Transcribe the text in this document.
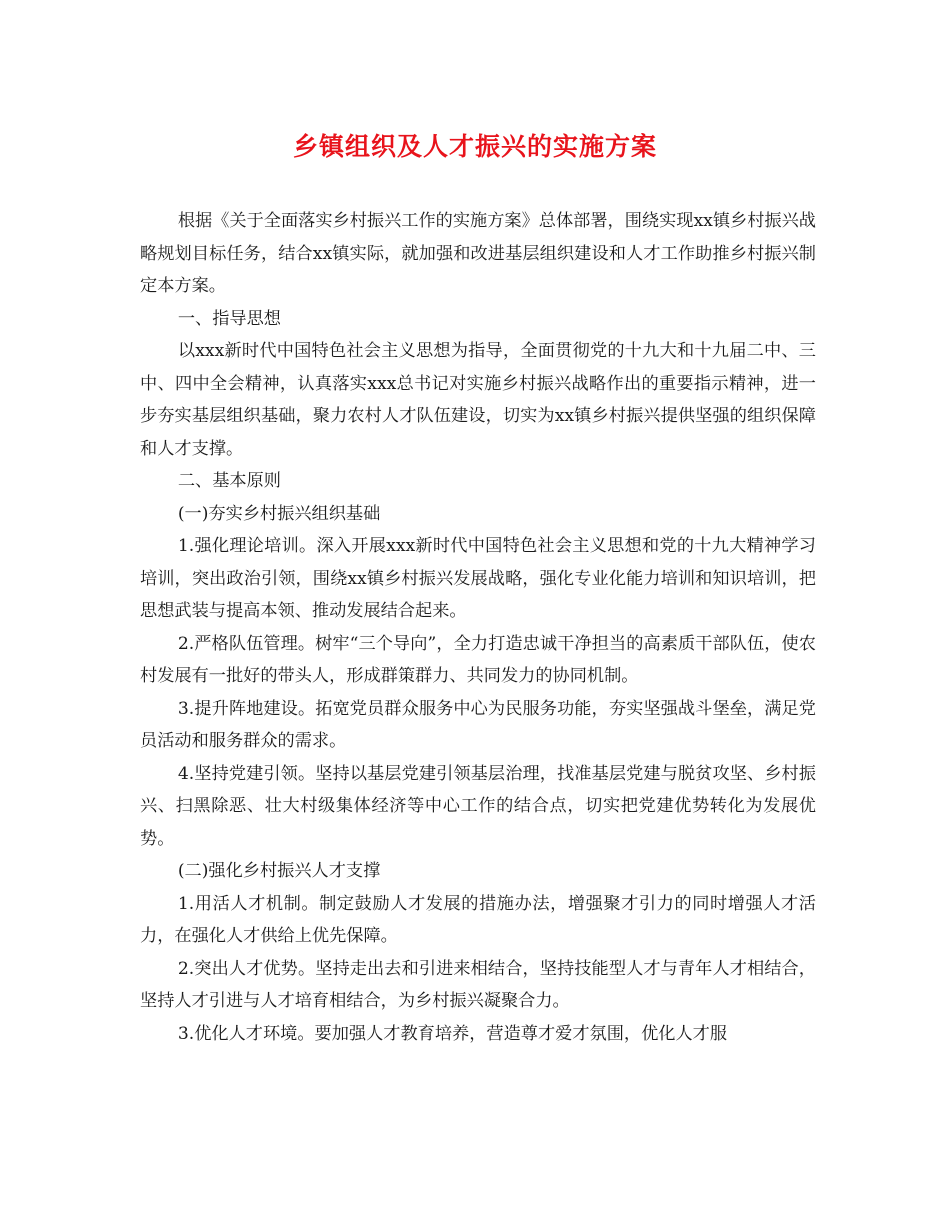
乡镇组织及人才振兴的实施方案

根据《关于全面落实乡村振兴工作的实施方案》总体部署，围绕实现xx镇乡村振兴战略规划目标任务，结合xx镇实际，就加强和改进基层组织建设和人才工作助推乡村振兴制定本方案。

一、指导思想

以xxx新时代中国特色社会主义思想为指导，全面贯彻党的十九大和十九届二中、三中、四中全会精神，认真落实xxx总书记对实施乡村振兴战略作出的重要指示精神，进一步夯实基层组织基础，聚力农村人才队伍建设，切实为xx镇乡村振兴提供坚强的组织保障和人才支撑。

二、基本原则

(一)夯实乡村振兴组织基础

1.强化理论培训。深入开展xxx新时代中国特色社会主义思想和党的十九大精神学习培训，突出政治引领，围绕xx镇乡村振兴发展战略，强化专业化能力培训和知识培训，把思想武装与提高本领、推动发展结合起来。

2.严格队伍管理。树牢“三个导向”，全力打造忠诚干净担当的高素质干部队伍，使农村发展有一批好的带头人，形成群策群力、共同发力的协同机制。

3.提升阵地建设。拓宽党员群众服务中心为民服务功能，夯实坚强战斗堡垒，满足党员活动和服务群众的需求。

4.坚持党建引领。坚持以基层党建引领基层治理，找准基层党建与脱贫攻坚、乡村振兴、扫黑除恶、壮大村级集体经济等中心工作的结合点，切实把党建优势转化为发展优势。

(二)强化乡村振兴人才支撑

1.用活人才机制。制定鼓励人才发展的措施办法，增强聚才引力的同时增强人才活力，在强化人才供给上优先保障。

2.突出人才优势。坚持走出去和引进来相结合，坚持技能型人才与青年人才相结合，坚持人才引进与人才培育相结合，为乡村振兴凝聚合力。

3.优化人才环境。要加强人才教育培养，营造尊才爱才氛围，优化人才服
